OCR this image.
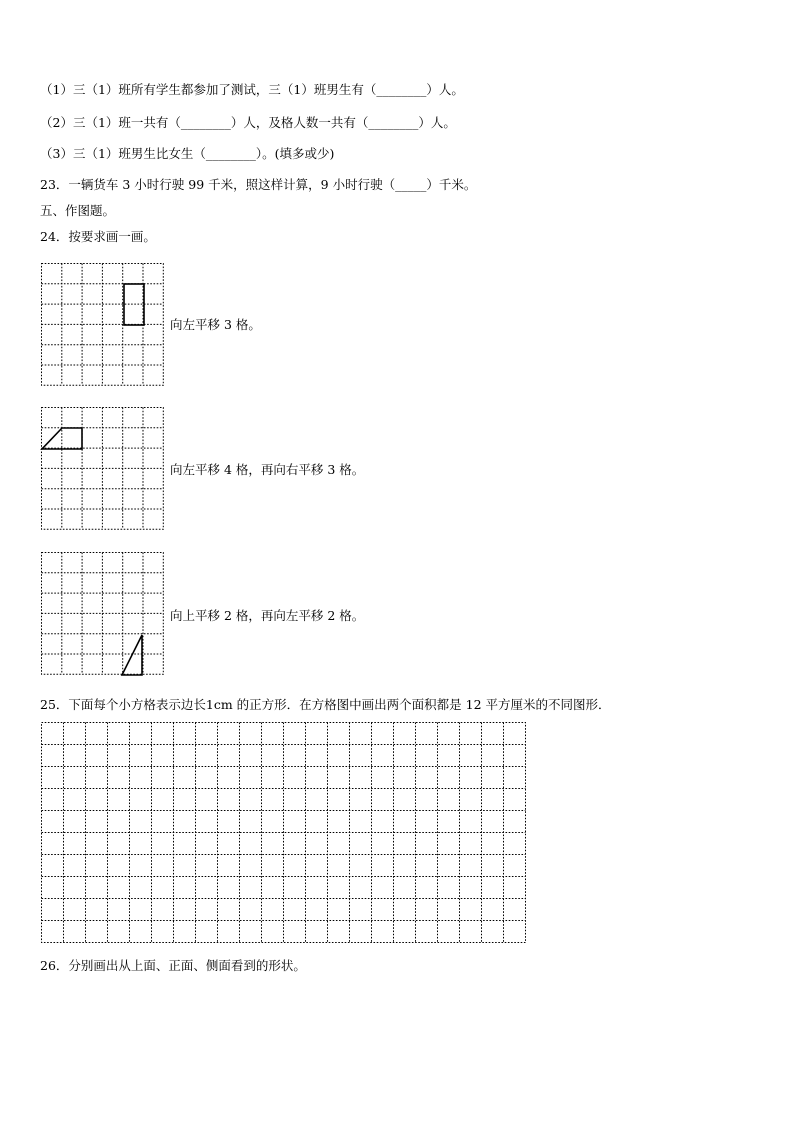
（1）三（1）班所有学生都参加了测试，三（1）班男生有（________）人。
（2）三（1）班一共有（________）人，及格人数一共有（________）人。
（3）三（1）班男生比女生（________）。(填多或少)
23．一辆货车 3 小时行驶 99 千米，照这样计算，9 小时行驶（_____）千米。
五、作图题。
24．按要求画一画。
向左平移 3 格。
向左平移 4 格，再向右平移 3 格。
向上平移 2 格，再向左平移 2 格。
25．下面每个小方格表示边长1cm 的正方形．在方格图中画出两个面积都是 12 平方厘米的不同图形．
26．分别画出从上面、正面、侧面看到的形状。
